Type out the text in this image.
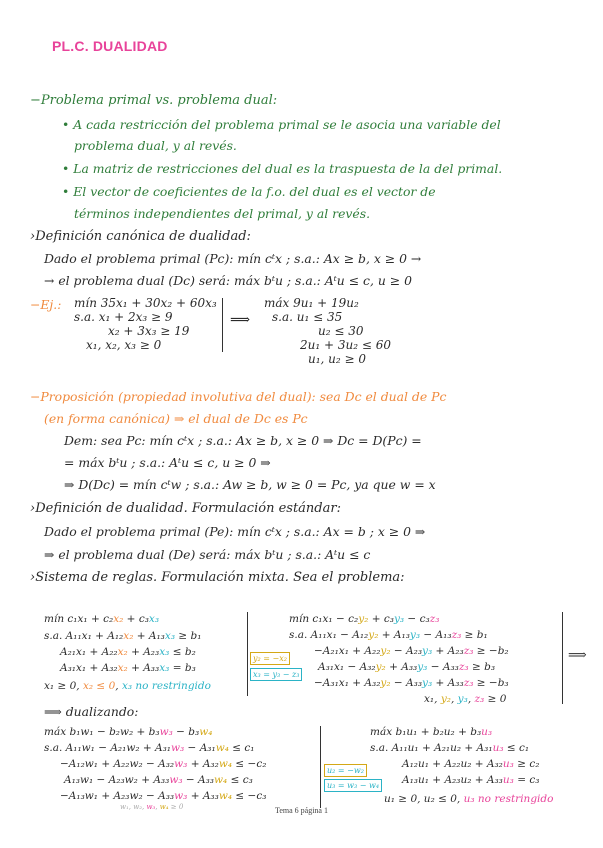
PL.C. DUALIDAD
−Problema primal vs. problema dual:
• A cada restricción del problema primal se le asocia una variable del
problema dual, y al revés.
• La matriz de restricciones del dual es la traspuesta de la del primal.
• El vector de coeficientes de la f.o. del dual es el vector de
términos independientes del primal, y al revés.
›Definición canónica de dualidad:
Dado el problema primal (Pc): mín cᵗx ; s.a.: Ax ≥ b, x ≥ 0 →
→ el problema dual (Dc) será: máx bᵗu ; s.a.: Aᵗu ≤ c, u ≥ 0
−Ej.: mín 35x₁ + 30x₂ + 60x₃
s.a. x₁ + 2x₃ ≥ 9
x₂ + 3x₃ ≥ 19
x₁, x₂, x₃ ≥ 0
⟹
máx 9u₁ + 19u₂
s.a. u₁ ≤ 35
u₂ ≤ 30
2u₁ + 3u₂ ≤ 60
u₁, u₂ ≥ 0
−Proposición (propiedad involutiva del dual): sea Dc el dual de Pc
(en forma canónica) ⇒ el dual de Dc es Pc
Dem: sea Pc: mín cᵗx ; s.a.: Ax ≥ b, x ≥ 0 ⇒ Dc = D(Pc) =
= máx bᵗu ; s.a.: Aᵗu ≤ c, u ≥ 0 ⇒
⇒ D(Dc) = mín cᵗw ; s.a.: Aw ≥ b, w ≥ 0 = Pc, ya que w = x
›Definición de dualidad. Formulación estándar:
Dado el problema primal (Pe): mín cᵗx ; s.a.: Ax = b ; x ≥ 0 ⇒
⇒ el problema dual (De) será: máx bᵗu ; s.a.: Aᵗu ≤ c
›Sistema de reglas. Formulación mixta. Sea el problema:
mín c₁x₁ + c₂x₂ + c₃x₃
s.a. A₁₁x₁ + A₁₂x₂ + A₁₃x₃ ≥ b₁
A₂₁x₁ + A₂₂x₂ + A₂₃x₃ ≤ b₂
A₃₁x₁ + A₃₂x₂ + A₃₃x₃ = b₃
x₁ ≥ 0, x₂ ≤ 0, x₃ no restringido
y₂ = −x₂
x₃ = y₃ − z₃
mín c₁x₁ − c₂y₂ + c₃y₃ − c₃z₃
s.a. A₁₁x₁ − A₁₂y₂ + A₁₃y₃ − A₁₃z₃ ≥ b₁
−A₂₁x₁ + A₂₂y₂ − A₂₃y₃ + A₂₃z₃ ≥ −b₂
A₃₁x₁ − A₃₂y₂ + A₃₃y₃ − A₃₃z₃ ≥ b₃
−A₃₁x₁ + A₃₂y₂ − A₃₃y₃ + A₃₃z₃ ≥ −b₃
x₁, y₂, y₃, z₃ ≥ 0
⟹
⟹ dualizando:
máx b₁w₁ − b₂w₂ + b₃w₃ − b₃w₄
s.a. A₁₁w₁ − A₂₁w₂ + A₃₁w₃ − A₃₁w₄ ≤ c₁
−A₁₂w₁ + A₂₂w₂ − A₃₂w₃ + A₃₂w₄ ≤ −c₂
A₁₃w₁ − A₂₃w₂ + A₃₃w₃ − A₃₃w₄ ≤ c₃
−A₁₃w₁ + A₂₃w₂ − A₃₃w₃ + A₃₃w₄ ≤ −c₃
w₁, w₂, w₃, w₄ ≥ 0
u₂ = −w₂
u₃ = w₃ − w₄
máx b₁u₁ + b₂u₂ + b₃u₃
s.a. A₁₁u₁ + A₂₁u₂ + A₃₁u₃ ≤ c₁
A₁₂u₁ + A₂₂u₂ + A₃₂u₃ ≥ c₂
A₁₃u₁ + A₂₃u₂ + A₃₃u₃ = c₃
u₁ ≥ 0, u₂ ≤ 0, u₃ no restringido
Tema 6 página 1
